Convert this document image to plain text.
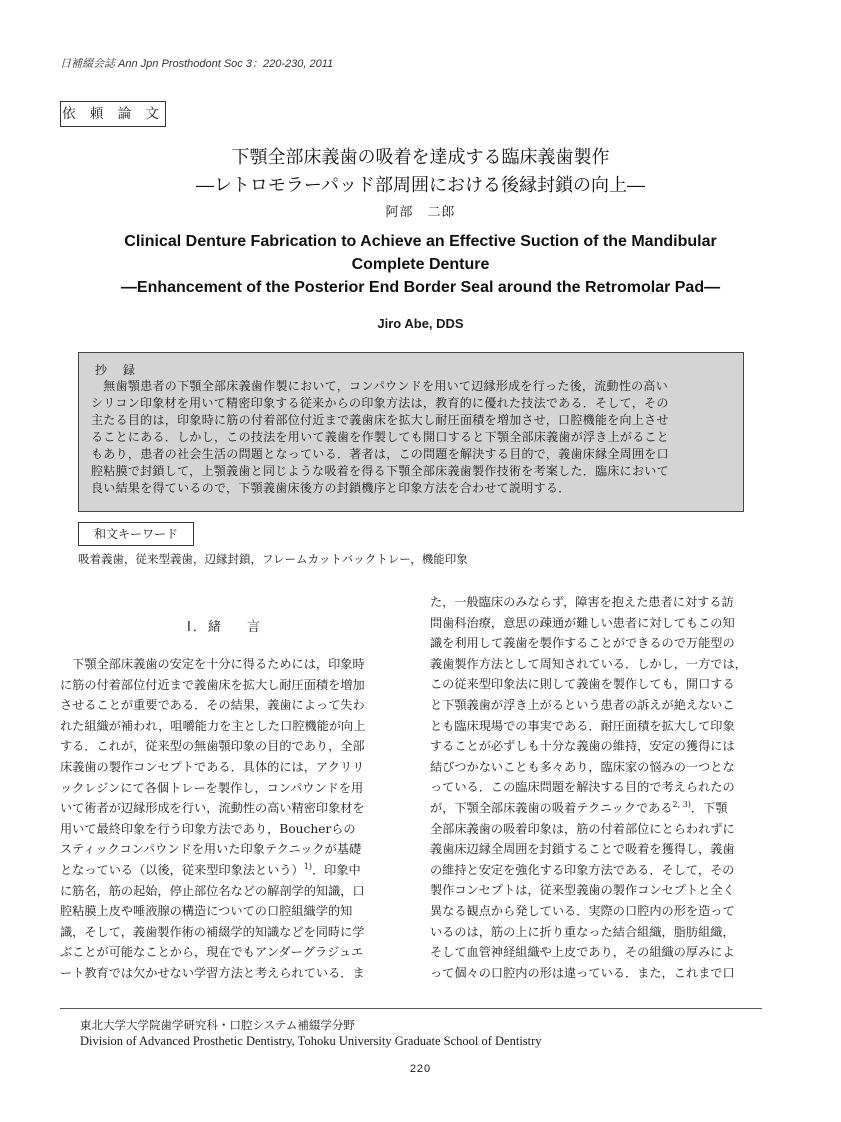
日補綴会誌 Ann Jpn Prosthodont Soc 3：220-230, 2011
依 頼 論 文
下顎全部床義歯の吸着を達成する臨床義歯製作
―レトロモラーパッド部周囲における後縁封鎖の向上―
阿部　二郎
Clinical Denture Fabrication to Achieve an Effective Suction of the Mandibular
Complete Denture
―Enhancement of the Posterior End Border Seal around the Retromolar Pad―
Jiro Abe, DDS
抄 録
　無歯顎患者の下顎全部床義歯作製において，コンパウンドを用いて辺縁形成を行った後，流動性の高い
シリコン印象材を用いて精密印象する従来からの印象方法は，教育的に優れた技法である．そして，その
主たる目的は，印象時に筋の付着部位付近まで義歯床を拡大し耐圧面積を増加させ，口腔機能を向上させ
ることにある．しかし，この技法を用いて義歯を作製しても開口すると下顎全部床義歯が浮き上がること
もあり，患者の社会生活の問題となっている．著者は，この問題を解決する目的で，義歯床縁全周囲を口
腔粘膜で封鎖して，上顎義歯と同じような吸着を得る下顎全部床義歯製作技術を考案した．臨床において
良い結果を得ているので，下顎義歯床後方の封鎖機序と印象方法を合わせて説明する．
和文キーワード
吸着義歯，従来型義歯，辺縁封鎖，フレームカットバックトレー，機能印象
Ⅰ．緒 言
　下顎全部床義歯の安定を十分に得るためには，印象時
に筋の付着部位付近まで義歯床を拡大し耐圧面積を増加
させることが重要である．その結果，義歯によって失わ
れた組織が補われ，咀嚼能力を主とした口腔機能が向上
する．これが，従来型の無歯顎印象の目的であり，全部
床義歯の製作コンセプトである．具体的には，アクリリ
ックレジンにて各個トレーを製作し，コンパウンドを用
いて術者が辺縁形成を行い，流動性の高い精密印象材を
用いて最終印象を行う印象方法であり，Boucherらの
スティックコンパウンドを用いた印象テクニックが基礎
となっている（以後，従来型印象法という）$^{1)}$．印象中
に筋名，筋の起始，停止部位名などの解剖学的知識，口
腔粘膜上皮や唾液腺の構造についての口腔組織学的知
識，そして，義歯製作術の補綴学的知識などを同時に学
ぶことが可能なことから，現在でもアンダーグラジュエ
ート教育では欠かせない学習方法と考えられている．ま
た，一般臨床のみならず，障害を抱えた患者に対する訪
問歯科治療，意思の疎通が難しい患者に対してもこの知
識を利用して義歯を製作することができるので万能型の
義歯製作方法として周知されている．しかし，一方では，
この従来型印象法に則して義歯を製作しても，開口する
と下顎義歯が浮き上がるという患者の訴えが絶えないこ
とも臨床現場での事実である．耐圧面積を拡大して印象
することが必ずしも十分な義歯の維持，安定の獲得には
結びつかないことも多々あり，臨床家の悩みの一つとな
っている．この臨床問題を解決する目的で考えられたの
が，下顎全部床義歯の吸着テクニックである$^{2, 3)}$．下顎
全部床義歯の吸着印象は，筋の付着部位にとらわれずに
義歯床辺縁全周囲を封鎖することで吸着を獲得し，義歯
の維持と安定を強化する印象方法である．そして，その
製作コンセプトは，従来型義歯の製作コンセプトと全く
異なる観点から発している．実際の口腔内の形を造って
いるのは，筋の上に折り重なった結合組織，脂肪組織，
そして血管神経組織や上皮であり，その組織の厚みによ
って個々の口腔内の形は違っている．また，これまで口
東北大学大学院歯学研究科・口腔システム補綴学分野
Division of Advanced Prosthetic Dentistry, Tohoku University Graduate School of Dentistry
220
